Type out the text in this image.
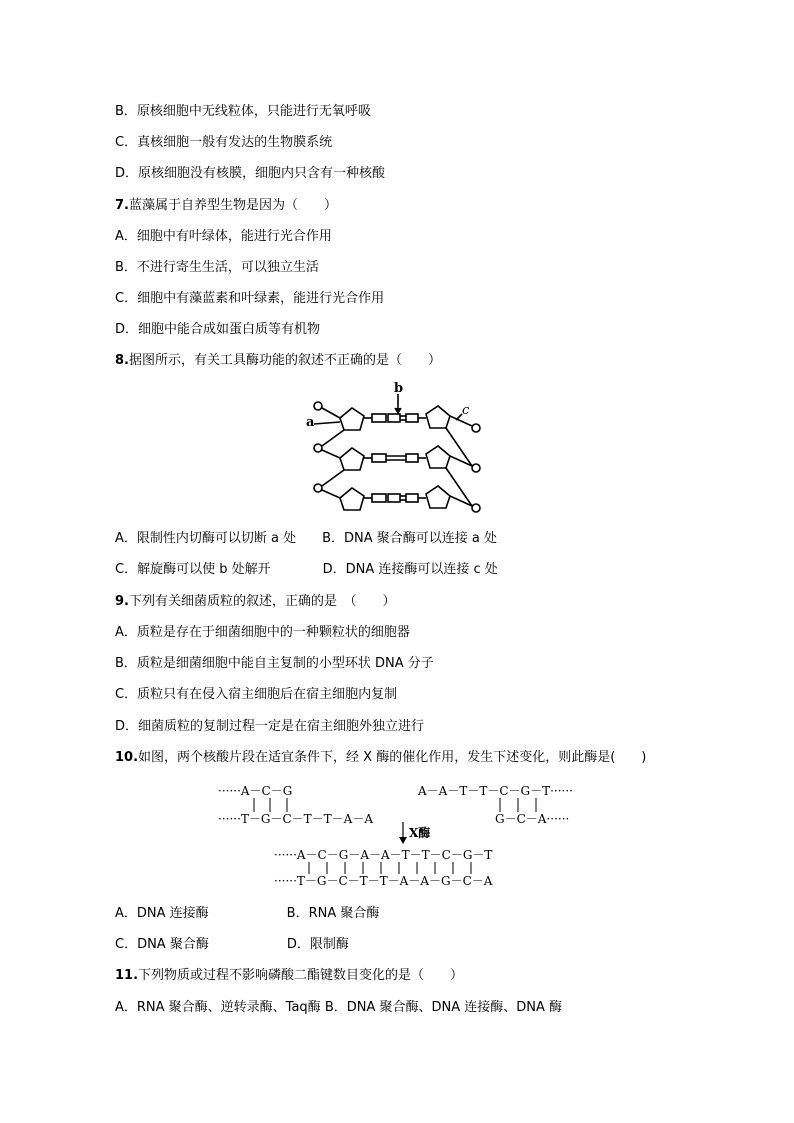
B．原核细胞中无线粒体，只能进行无氧呼吸
C．真核细胞一般有发达的生物膜系统
D．原核细胞没有核膜，细胞内只含有一种核酸
7.蓝藻属于自养型生物是因为（　　）
A．细胞中有叶绿体，能进行光合作用
B．不进行寄生生活，可以独立生活
C．细胞中有藻蓝素和叶绿素，能进行光合作用
D．细胞中能合成如蛋白质等有机物
8.据图所示，有关工具酶功能的叙述不正确的是（　　）
b
a
c
A．限制性内切酶可以切断 a 处　　B．DNA 聚合酶可以连接 a 处
C．解旋酶可以使 b 处解开　　　　D．DNA 连接酶可以连接 c 处
9.下列有关细菌质粒的叙述，正确的是　（　　）
A．质粒是存在于细菌细胞中的一种颗粒状的细胞器
B．质粒是细菌细胞中能自主复制的小型环状 DNA 分子
C．质粒只有在侵入宿主细胞后在宿主细胞内复制
D．细菌质粒的复制过程一定是在宿主细胞外独立进行
10.如图，两个核酸片段在适宜条件下，经 X 酶的催化作用，发生下述变化，则此酶是(　　)
······A－C－G
······T－G－C－T－T－A－A
A－A－T－T－C－G－T······
G－C－A······
X酶
······A－C－G－A－A－T－T－C－G－T
······T－G－C－T－T－A－A－G－C－A
A．DNA 连接酶　　　　　　B．RNA 聚合酶
C．DNA 聚合酶　　　　　　D．限制酶
11.下列物质或过程不影响磷酸二酯键数目变化的是（　　）
A．RNA 聚合酶、逆转录酶、Taq酶 B．DNA 聚合酶、DNA 连接酶、DNA 酶
